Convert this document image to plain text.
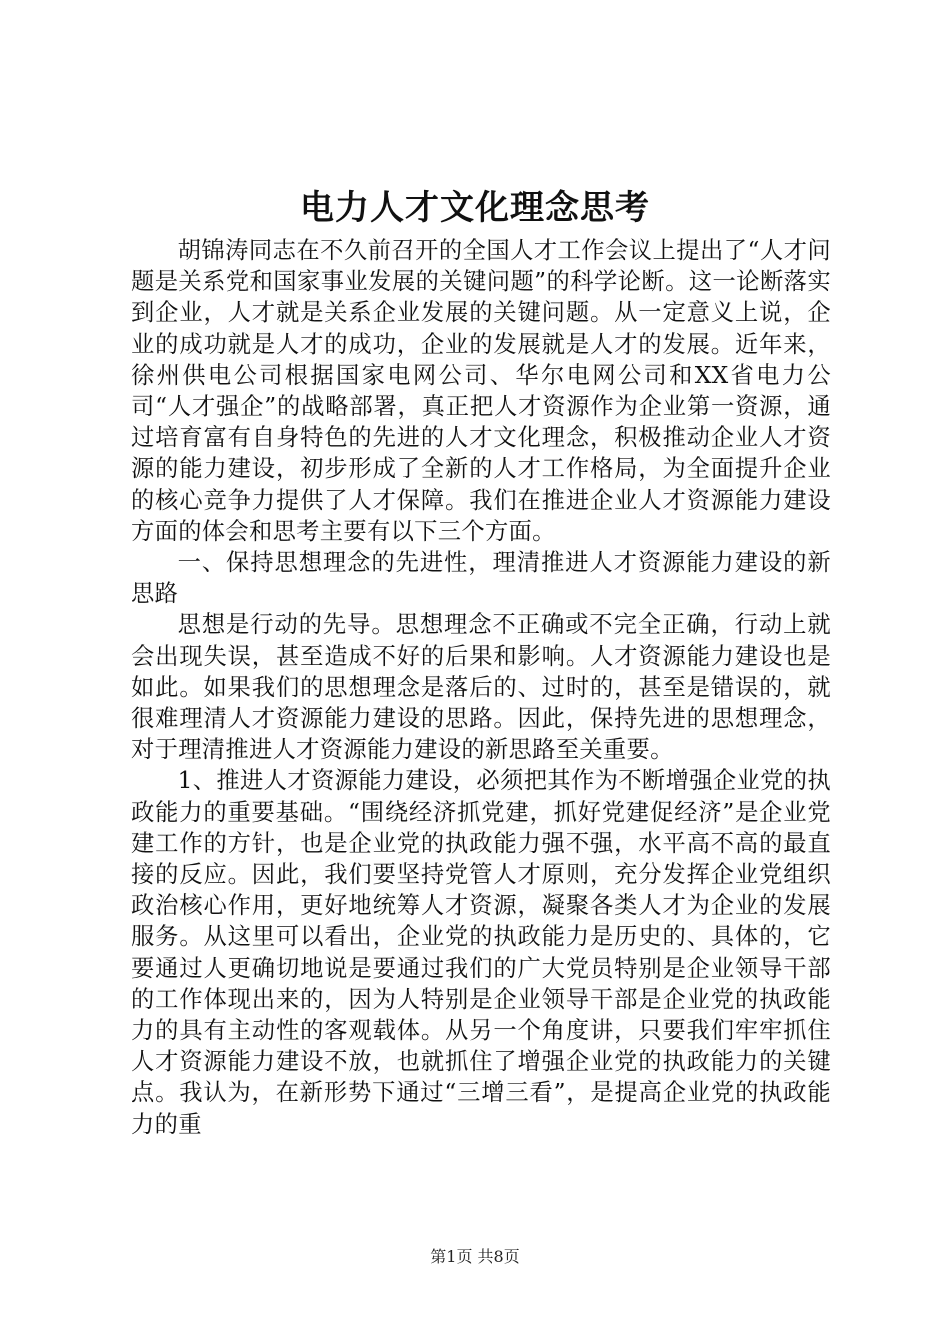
电力人才文化理念思考

胡锦涛同志在不久前召开的全国人才工作会议上提出了“人才问题是关系党和国家事业发展的关键问题”的科学论断。这一论断落实到企业，人才就是关系企业发展的关键问题。从一定意义上说，企业的成功就是人才的成功，企业的发展就是人才的发展。近年来，徐州供电公司根据国家电网公司、华尔电网公司和XX省电力公司“人才强企”的战略部署，真正把人才资源作为企业第一资源，通过培育富有自身特色的先进的人才文化理念，积极推动企业人才资源的能力建设，初步形成了全新的人才工作格局，为全面提升企业的核心竞争力提供了人才保障。我们在推进企业人才资源能力建设方面的体会和思考主要有以下三个方面。

一、保持思想理念的先进性，理清推进人才资源能力建设的新思路

思想是行动的先导。思想理念不正确或不完全正确，行动上就会出现失误，甚至造成不好的后果和影响。人才资源能力建设也是如此。如果我们的思想理念是落后的、过时的，甚至是错误的，就很难理清人才资源能力建设的思路。因此，保持先进的思想理念，对于理清推进人才资源能力建设的新思路至关重要。

1、推进人才资源能力建设，必须把其作为不断增强企业党的执政能力的重要基础。“围绕经济抓党建，抓好党建促经济”是企业党建工作的方针，也是企业党的执政能力强不强，水平高不高的最直接的反应。因此，我们要坚持党管人才原则，充分发挥企业党组织政治核心作用，更好地统筹人才资源，凝聚各类人才为企业的发展服务。从这里可以看出，企业党的执政能力是历史的、具体的，它要通过人更确切地说是要通过我们的广大党员特别是企业领导干部的工作体现出来的，因为人特别是企业领导干部是企业党的执政能力的具有主动性的客观载体。从另一个角度讲，只要我们牢牢抓住人才资源能力建设不放，也就抓住了增强企业党的执政能力的关键点。我认为，在新形势下通过“三增三看”，是提高企业党的执政能力的重

第1页 共8页
